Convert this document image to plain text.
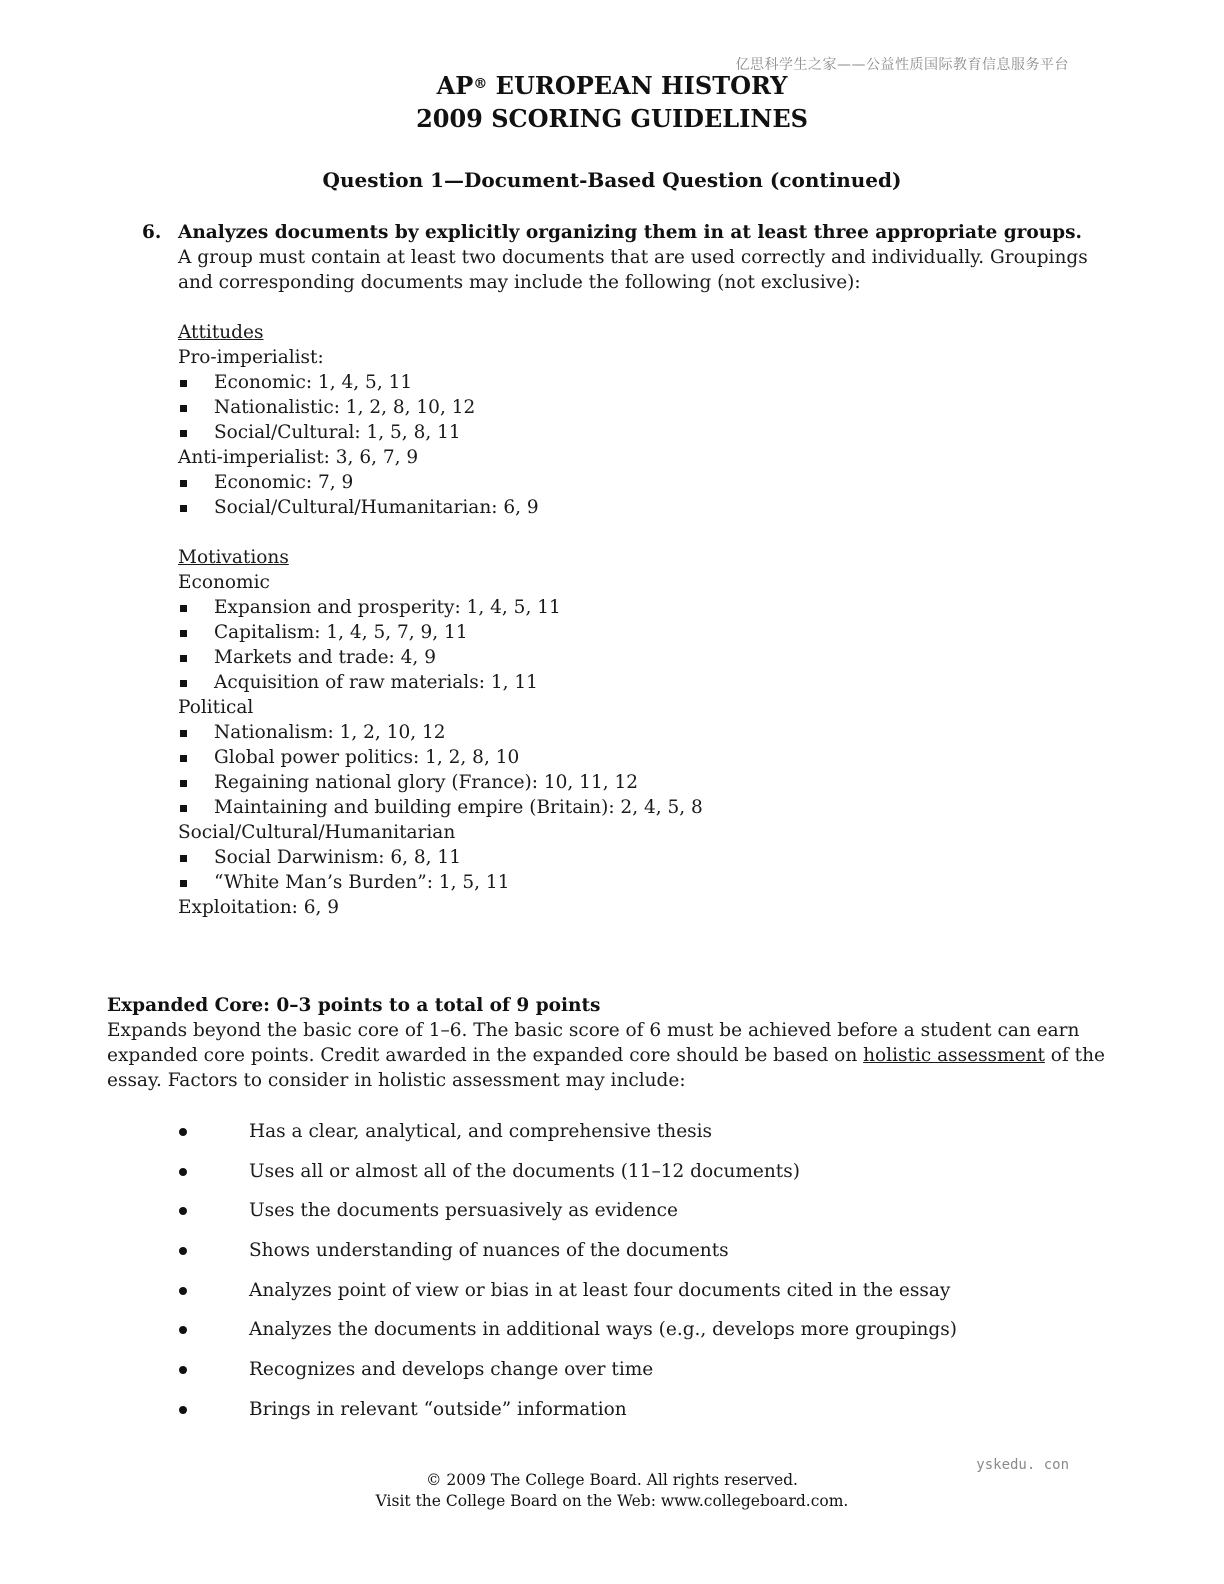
亿思科学生之家——公益性质国际教育信息服务平台
AP® EUROPEAN HISTORY
2009 SCORING GUIDELINES
Question 1—Document-Based Question (continued)
6. Analyzes documents by explicitly organizing them in at least three appropriate groups.
A group must contain at least two documents that are used correctly and individually. Groupings and corresponding documents may include the following (not exclusive):
Attitudes
Pro-imperialist:
Economic: 1, 4, 5, 11
Nationalistic: 1, 2, 8, 10, 12
Social/Cultural: 1, 5, 8, 11
Anti-imperialist: 3, 6, 7, 9
Economic: 7, 9
Social/Cultural/Humanitarian: 6, 9
Motivations
Economic
Expansion and prosperity: 1, 4, 5, 11
Capitalism: 1, 4, 5, 7, 9, 11
Markets and trade: 4, 9
Acquisition of raw materials: 1, 11
Political
Nationalism: 1, 2, 10, 12
Global power politics: 1, 2, 8, 10
Regaining national glory (France): 10, 11, 12
Maintaining and building empire (Britain): 2, 4, 5, 8
Social/Cultural/Humanitarian
Social Darwinism: 6, 8, 11
“White Man’s Burden”: 1, 5, 11
Exploitation: 6, 9
Expanded Core: 0–3 points to a total of 9 points
Expands beyond the basic core of 1–6. The basic score of 6 must be achieved before a student can earn expanded core points. Credit awarded in the expanded core should be based on holistic assessment of the essay. Factors to consider in holistic assessment may include:
Has a clear, analytical, and comprehensive thesis
Uses all or almost all of the documents (11–12 documents)
Uses the documents persuasively as evidence
Shows understanding of nuances of the documents
Analyzes point of view or bias in at least four documents cited in the essay
Analyzes the documents in additional ways (e.g., develops more groupings)
Recognizes and develops change over time
Brings in relevant “outside” information
yskedu. con
© 2009 The College Board. All rights reserved.
Visit the College Board on the Web: www.collegeboard.com.
